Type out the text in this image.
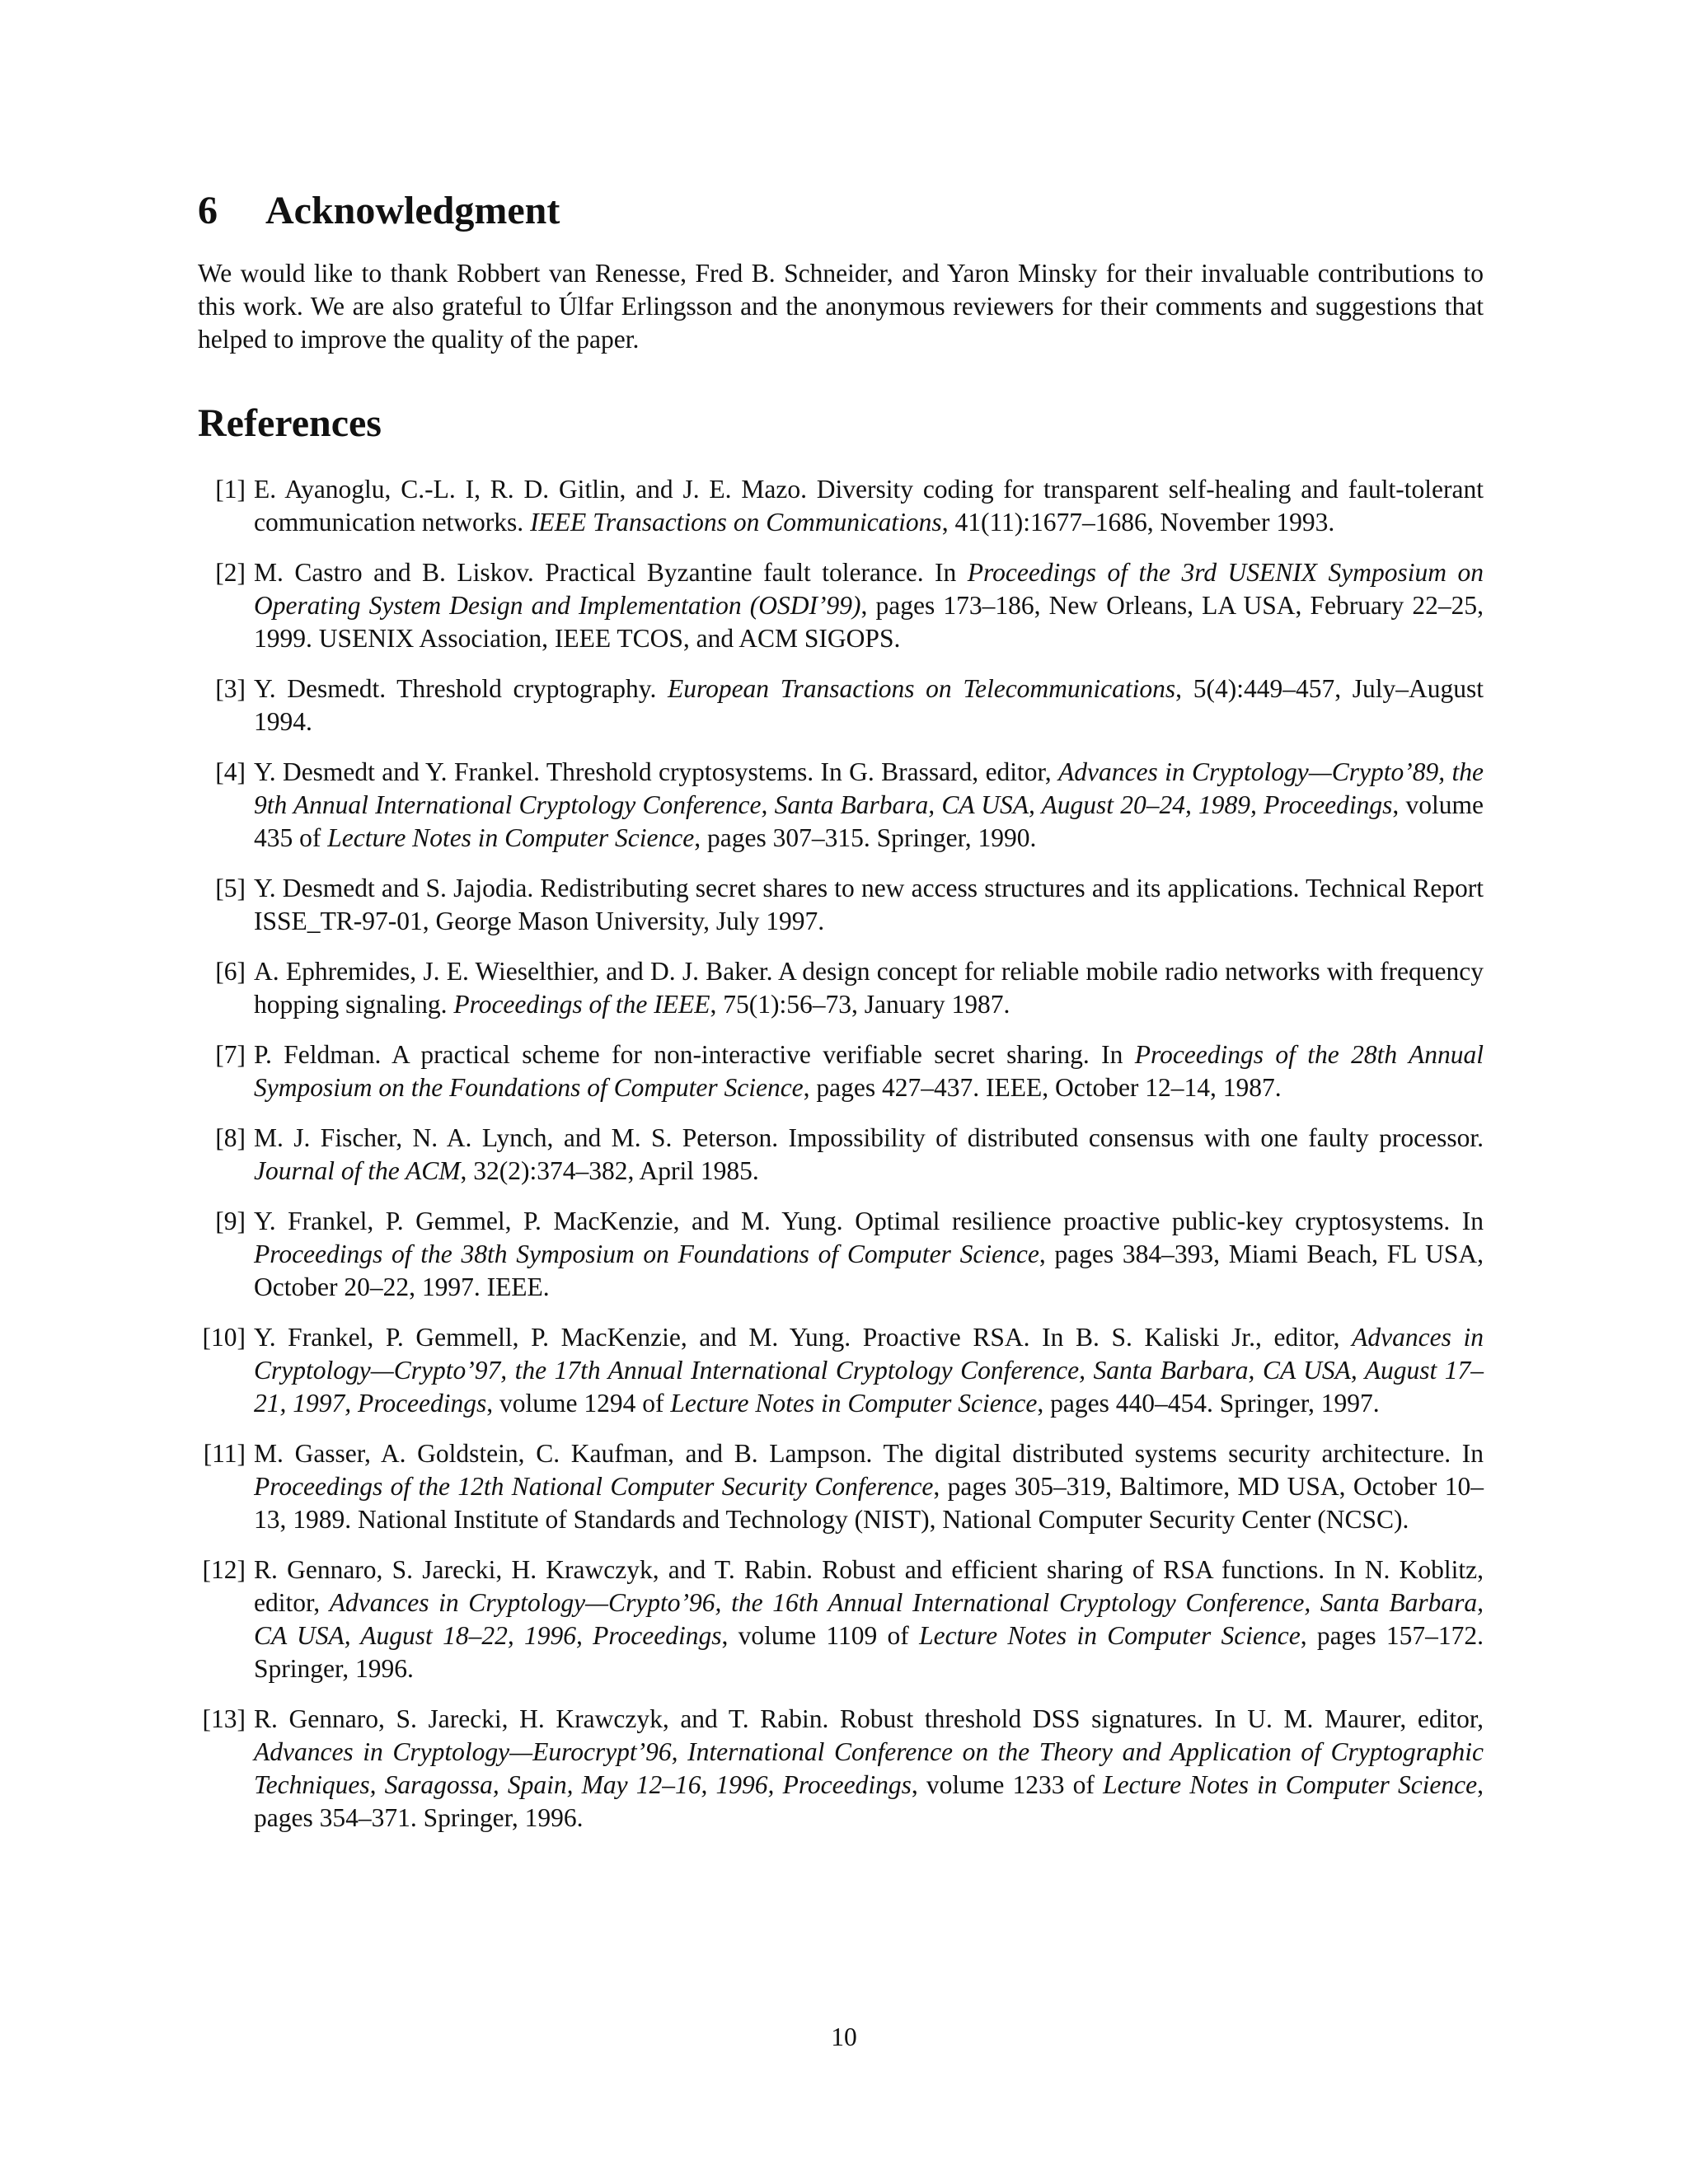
6 Acknowledgment

We would like to thank Robbert van Renesse, Fred B. Schneider, and Yaron Minsky for their invaluable contributions to this work. We are also grateful to Úlfar Erlingsson and the anonymous reviewers for their comments and suggestions that helped to improve the quality of the paper.

References
[1] E. Ayanoglu, C.-L. I, R. D. Gitlin, and J. E. Mazo. Diversity coding for transparent self-healing and fault-tolerant communication networks. IEEE Transactions on Communications, 41(11):1677–1686, November 1993.
[2] M. Castro and B. Liskov. Practical Byzantine fault tolerance. In Proceedings of the 3rd USENIX Symposium on Operating System Design and Implementation (OSDI’99), pages 173–186, New Orleans, LA USA, February 22–25, 1999. USENIX Association, IEEE TCOS, and ACM SIGOPS.
[3] Y. Desmedt. Threshold cryptography. European Transactions on Telecommunications, 5(4):449–457, July–August 1994.
[4] Y. Desmedt and Y. Frankel. Threshold cryptosystems. In G. Brassard, editor, Advances in Cryptology—Crypto’89, the 9th Annual International Cryptology Conference, Santa Barbara, CA USA, August 20–24, 1989, Proceedings, volume 435 of Lecture Notes in Computer Science, pages 307–315. Springer, 1990.
[5] Y. Desmedt and S. Jajodia. Redistributing secret shares to new access structures and its applications. Technical Report ISSE_TR-97-01, George Mason University, July 1997.
[6] A. Ephremides, J. E. Wieselthier, and D. J. Baker. A design concept for reliable mobile radio networks with frequency hopping signaling. Proceedings of the IEEE, 75(1):56–73, January 1987.
[7] P. Feldman. A practical scheme for non-interactive verifiable secret sharing. In Proceedings of the 28th Annual Symposium on the Foundations of Computer Science, pages 427–437. IEEE, October 12–14, 1987.
[8] M. J. Fischer, N. A. Lynch, and M. S. Peterson. Impossibility of distributed consensus with one faulty processor. Journal of the ACM, 32(2):374–382, April 1985.
[9] Y. Frankel, P. Gemmel, P. MacKenzie, and M. Yung. Optimal resilience proactive public-key cryptosystems. In Proceedings of the 38th Symposium on Foundations of Computer Science, pages 384–393, Miami Beach, FL USA, October 20–22, 1997. IEEE.
[10] Y. Frankel, P. Gemmell, P. MacKenzie, and M. Yung. Proactive RSA. In B. S. Kaliski Jr., editor, Advances in Cryptology—Crypto’97, the 17th Annual International Cryptology Conference, Santa Barbara, CA USA, August 17–21, 1997, Proceedings, volume 1294 of Lecture Notes in Computer Science, pages 440–454. Springer, 1997.
[11] M. Gasser, A. Goldstein, C. Kaufman, and B. Lampson. The digital distributed systems security architecture. In Proceedings of the 12th National Computer Security Conference, pages 305–319, Baltimore, MD USA, October 10–13, 1989. National Institute of Standards and Technology (NIST), National Computer Security Center (NCSC).
[12] R. Gennaro, S. Jarecki, H. Krawczyk, and T. Rabin. Robust and efficient sharing of RSA functions. In N. Koblitz, editor, Advances in Cryptology—Crypto’96, the 16th Annual International Cryptology Conference, Santa Barbara, CA USA, August 18–22, 1996, Proceedings, volume 1109 of Lecture Notes in Computer Science, pages 157–172. Springer, 1996.
[13] R. Gennaro, S. Jarecki, H. Krawczyk, and T. Rabin. Robust threshold DSS signatures. In U. M. Maurer, editor, Advances in Cryptology—Eurocrypt’96, International Conference on the Theory and Application of Cryptographic Techniques, Saragossa, Spain, May 12–16, 1996, Proceedings, volume 1233 of Lecture Notes in Computer Science, pages 354–371. Springer, 1996.
10
